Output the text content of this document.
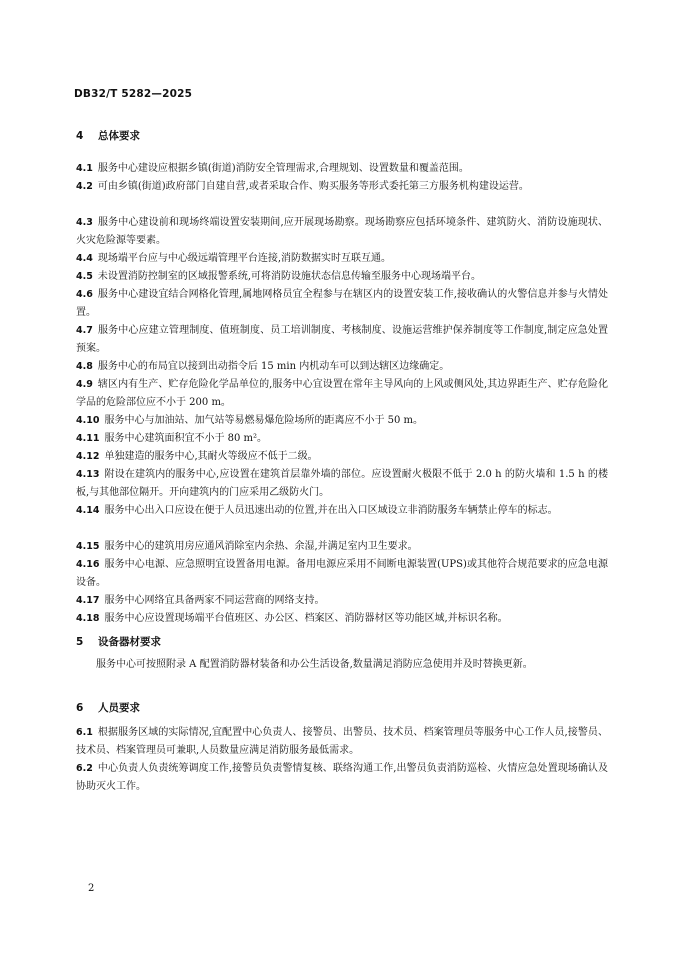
DB32/T 5282—2025
4 总体要求
4.1 服务中心建设应根据乡镇(街道)消防安全管理需求,合理规划、设置数量和覆盖范围。
4.2 可由乡镇(街道)政府部门自建自营,或者采取合作、购买服务等形式委托第三方服务机构建设运营。
4.3 服务中心建设前和现场终端设置安装期间,应开展现场勘察。现场勘察应包括环境条件、建筑防火、消防设施现状、火灾危险源等要素。
4.4 现场端平台应与中心级远端管理平台连接,消防数据实时互联互通。
4.5 未设置消防控制室的区域报警系统,可将消防设施状态信息传输至服务中心现场端平台。
4.6 服务中心建设宜结合网格化管理,属地网格员宜全程参与在辖区内的设置安装工作,接收确认的火警信息并参与火情处置。
4.7 服务中心应建立管理制度、值班制度、员工培训制度、考核制度、设施运营维护保养制度等工作制度,制定应急处置预案。
4.8 服务中心的布局宜以接到出动指令后 15 min 内机动车可以到达辖区边缘确定。
4.9 辖区内有生产、贮存危险化学品单位的,服务中心宜设置在常年主导风向的上风或侧风处,其边界距生产、贮存危险化学品的危险部位应不小于 200 m。
4.10 服务中心与加油站、加气站等易燃易爆危险场所的距离应不小于 50 m。
4.11 服务中心建筑面积宜不小于 80 m²。
4.12 单独建造的服务中心,其耐火等级应不低于二级。
4.13 附设在建筑内的服务中心,应设置在建筑首层靠外墙的部位。应设置耐火极限不低于 2.0 h 的防火墙和 1.5 h 的楼板,与其他部位隔开。开向建筑内的门应采用乙级防火门。
4.14 服务中心出入口应设在便于人员迅速出动的位置,并在出入口区域设立非消防服务车辆禁止停车的标志。
4.15 服务中心的建筑用房应通风消除室内余热、余湿,并满足室内卫生要求。
4.16 服务中心电源、应急照明宜设置备用电源。备用电源应采用不间断电源装置(UPS)或其他符合规范要求的应急电源设备。
4.17 服务中心网络宜具备两家不同运营商的网络支持。
4.18 服务中心应设置现场端平台值班区、办公区、档案区、消防器材区等功能区域,并标识名称。
5 设备器材要求
服务中心可按照附录 A 配置消防器材装备和办公生活设备,数量满足消防应急使用并及时替换更新。
6 人员要求
6.1 根据服务区域的实际情况,宜配置中心负责人、接警员、出警员、技术员、档案管理员等服务中心工作人员,接警员、技术员、档案管理员可兼职,人员数量应满足消防服务最低需求。
6.2 中心负责人负责统筹调度工作,接警员负责警情复核、联络沟通工作,出警员负责消防巡检、火情应急处置现场确认及协助灭火工作。
2
